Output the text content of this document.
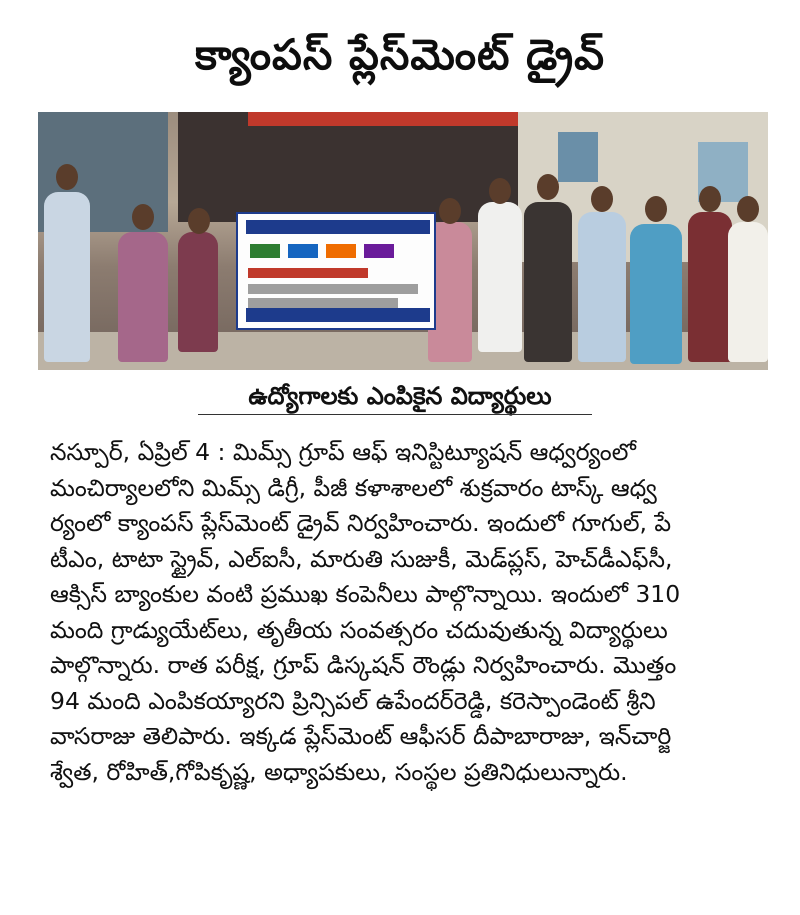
క్యాంపస్ ప్లేస్‌మెంట్ డ్రైవ్
ఉద్యోగాలకు ఎంపికైన విద్యార్థులు

నస్పూర్, ఏప్రిల్ 4 : మిమ్స్ గ్రూప్ ఆఫ్ ఇనిస్టిట్యూషన్ ఆధ్వర్యంలో

మంచిర్యాలలోని మిమ్స్ డిగ్రీ, పీజీ కళాశాలలో శుక్రవారం టాస్క్ ఆధ్వ

ర్యంలో క్యాంపస్ ప్లేస్‌మెంట్ డ్రైవ్ నిర్వహించారు. ఇందులో గూగుల్, పే

టీఎం, టాటా స్ట్రైవ్, ఎల్ఐసీ, మారుతి సుజుకీ, మెడ్‌ప్లస్, హెచ్‌డీఎఫ్‌సీ,

ఆక్సిస్ బ్యాంకుల వంటి ప్రముఖ కంపెనీలు పాల్గొన్నాయి. ఇందులో 310

మంది గ్రాడ్యుయేట్‌లు, తృతీయ సంవత్సరం చదువుతున్న విద్యార్థులు

పాల్గొన్నారు. రాత పరీక్ష, గ్రూప్ డిస్కషన్ రౌండ్లు నిర్వహించారు. మొత్తం

94 మంది ఎంపికయ్యారని ప్రిన్సిపల్ ఉపేందర్‌రెడ్డి, కరెస్పాండెంట్ శ్రీని

వాసరాజు తెలిపారు. ఇక్కడ ప్లేస్‌మెంట్ ఆఫీసర్ దీపాబారాజు, ఇన్‌చార్జి

శ్వేత, రోహిత్,గోపికృష్ణ, అధ్యాపకులు, సంస్థల ప్రతినిధులున్నారు.
